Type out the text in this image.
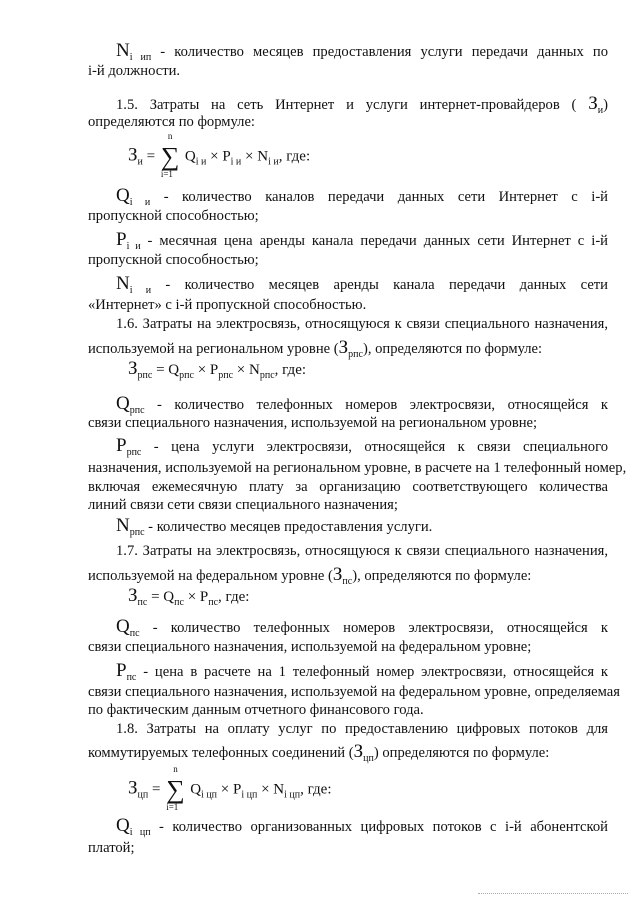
$N_{i ип}$ - количество месяцев предоставления услуги передачи данных по
i-й должности.
1.5. Затраты на сеть Интернет и услуги интернет-провайдеров ( $З_и$)
определяются по формуле:
$З_и$ =
n
∑
i=1
$Q_{i и} \times P_{i и} \times N_{i и}$, где:
$Q_{i и}$ - количество каналов передачи данных сети Интернет с i-й
пропускной способностью;
$P_{i и}$ - месячная цена аренды канала передачи данных сети Интернет с i-й
пропускной способностью;
$N_{i и}$ - количество месяцев аренды канала передачи данных сети
«Интернет» с i-й пропускной способностью.
1.6. Затраты на электросвязь, относящуюся к связи специального назначения,
используемой на региональном уровне $(З_{рпс})$, определяются по формуле:
$З_{рпс} = Q_{рпс} \times P_{рпс} \times N_{рпс}$, где:
$Q_{рпс}$ - количество телефонных номеров электросвязи, относящейся к
связи специального назначения, используемой на региональном уровне;
$P_{рпс}$ - цена услуги электросвязи, относящейся к связи специального
назначения, используемой на региональном уровне, в расчете на 1 телефонный номер,
включая ежемесячную плату за организацию соответствующего количества
линий связи сети связи специального назначения;
$N_{рпс}$ - количество месяцев предоставления услуги.
1.7. Затраты на электросвязь, относящуюся к связи специального назначения,
используемой на федеральном уровне $(З_{пс})$, определяются по формуле:
$З_{пс} = Q_{пс} \times P_{пс}$, где:
$Q_{пс}$ - количество телефонных номеров электросвязи, относящейся к
связи специального назначения, используемой на федеральном уровне;
$P_{пс}$ - цена в расчете на 1 телефонный номер электросвязи, относящейся к
связи специального назначения, используемой на федеральном уровне, определяемая
по фактическим данным отчетного финансового года.
1.8. Затраты на оплату услуг по предоставлению цифровых потоков для
коммутируемых телефонных соединений $(З_{цп})$ определяются по формуле:
$З_{цп}$ =
n
∑
i=1
$Q_{i цп} \times P_{i цп} \times N_{i цп}$, где:
$Q_{i цп}$ - количество организованных цифровых потоков с i-й абонентской
платой;
